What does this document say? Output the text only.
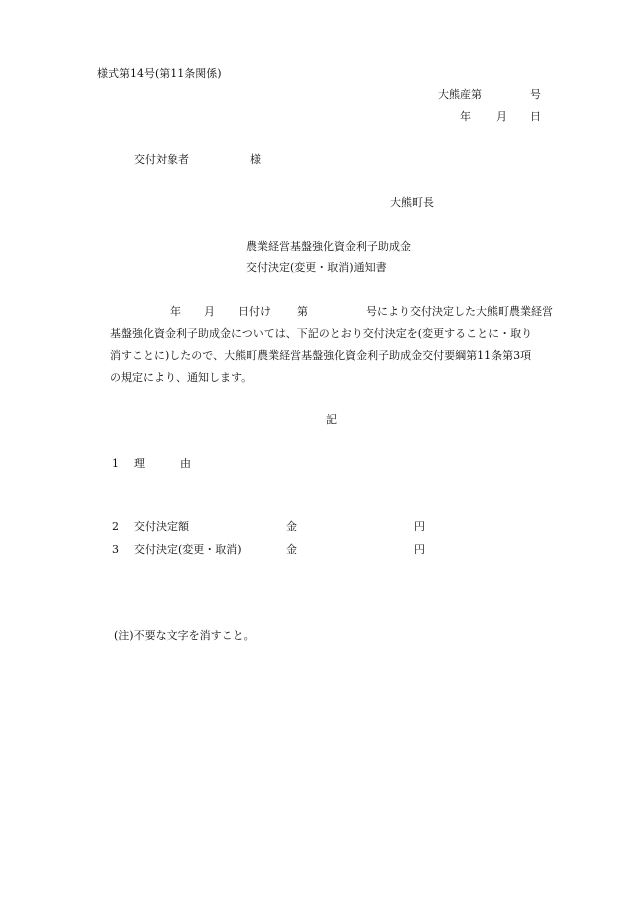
様式第14号(第11条関係)
大熊産第	号
年 月 日
交付対象者	様
大熊町長
農業経営基盤強化資金利子助成金
交付決定(変更・取消)通知書
年 月 日付け 第	号により交付決定した大熊町農業経営
基盤強化資金利子助成金については、下記のとおり交付決定を(変更することに・取り
消すことに)したので、大熊町農業経営基盤強化資金利子助成金交付要綱第11条第3項
の規定により、通知します。
記
1 理	由
2 交付決定額	金	円
3 交付決定(変更・取消)	金	円
(注)不要な文字を消すこと。
